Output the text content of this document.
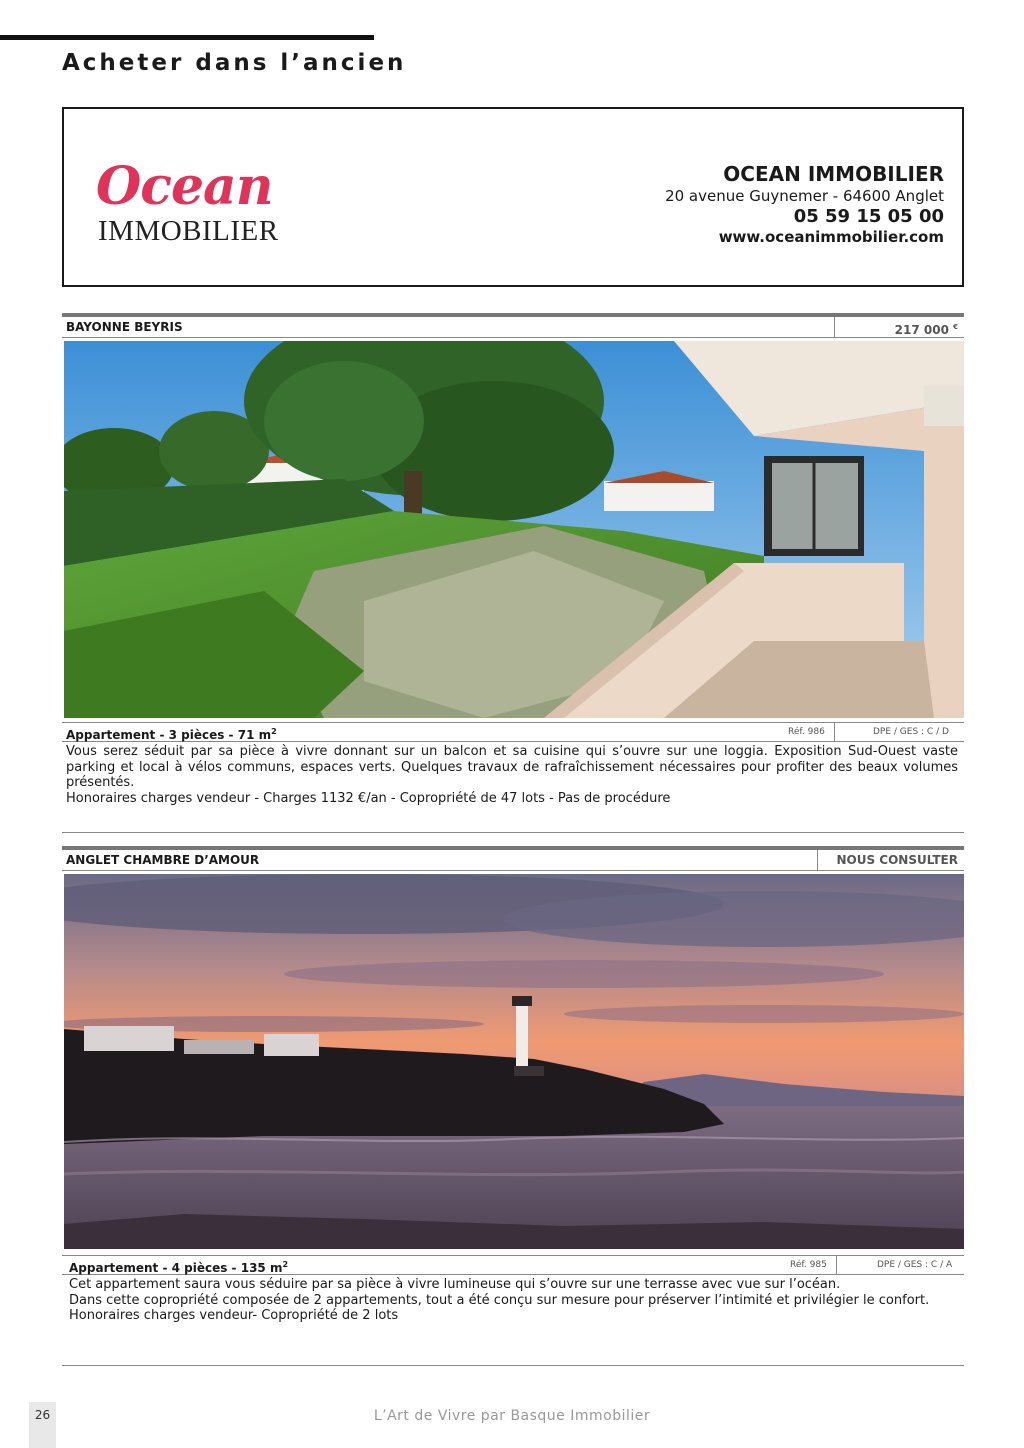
Acheter dans l’ancien
Ocean
IMMOBILIER
OCEAN IMMOBILIER
20 avenue Guynemer - 64600 Anglet
05 59 15 05 00
www.oceanimmobilier.com
BAYONNE BEYRIS	217 000 €
Appartement - 3 pièces - 71 $m^2$	Réf. 986	DPE / GES : C / D

Vous serez séduit par sa pièce à vivre donnant sur un balcon et sa cuisine qui s’ouvre sur une loggia. Exposition Sud-Ouest vaste parking et local à vélos communs, espaces verts. Quelques travaux de rafraîchissement nécessaires pour profiter des beaux volumes présentés.

Honoraires charges vendeur - Charges 1132 €/an - Copropriété de 47 lots - Pas de procédure

ANGLET CHAMBRE D’AMOUR	NOUS CONSULTER
Appartement - 4 pièces - 135 $m^2$	Réf. 985	DPE / GES : C / A

Cet appartement saura vous séduire par sa pièce à vivre lumineuse qui s’ouvre sur une terrasse avec vue sur l’océan.

Dans cette copropriété composée de 2 appartements, tout a été conçu sur mesure pour préserver l’intimité et privilégier le confort.

Honoraires charges vendeur- Copropriété de 2 lots

26	L’Art de Vivre par Basque Immobilier
